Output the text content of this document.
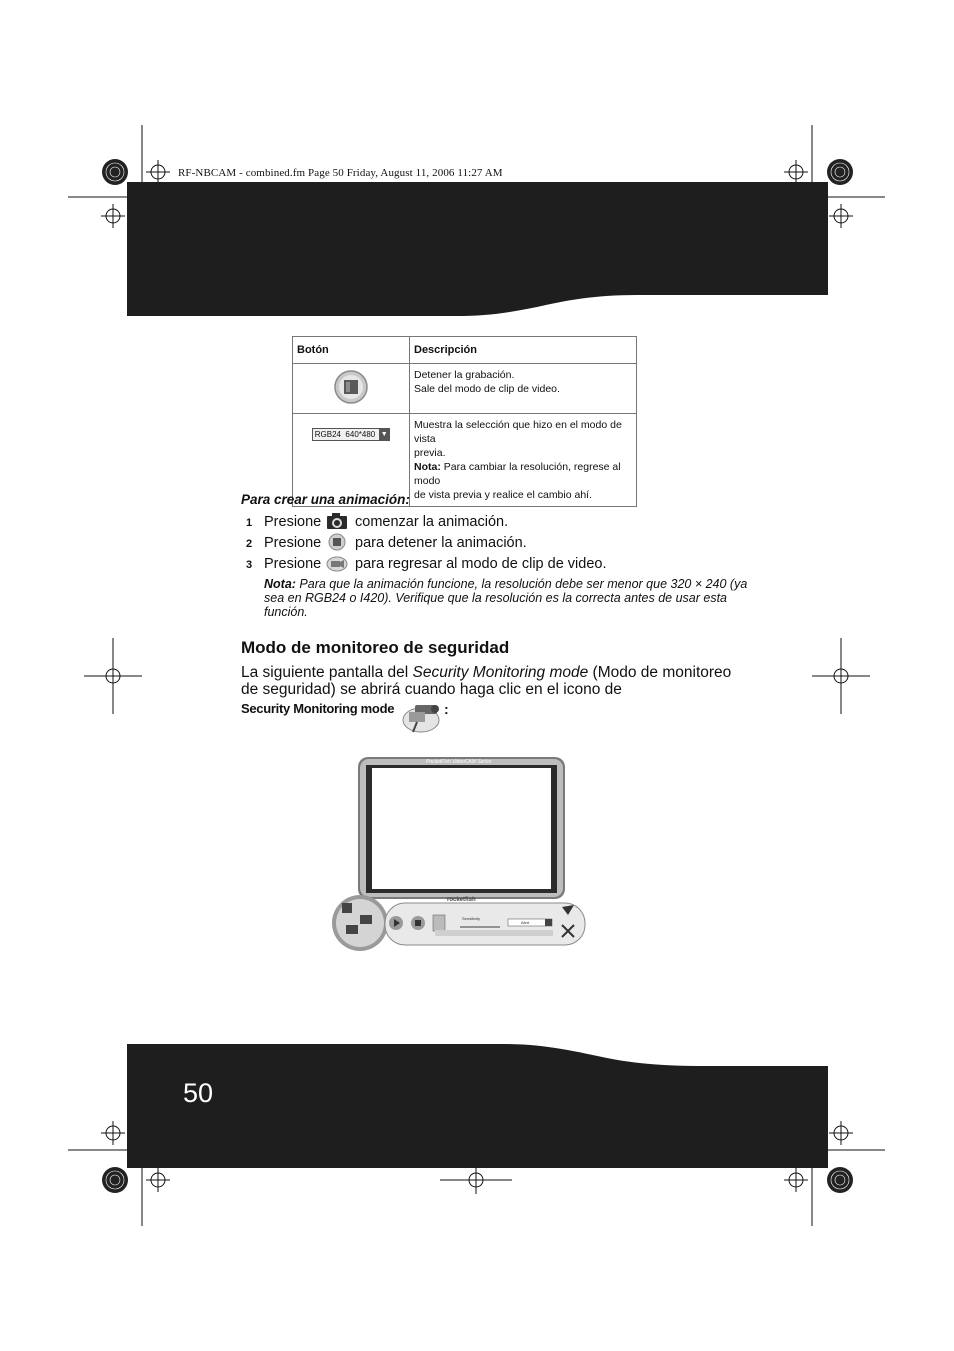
RF-NBCAM - combined.fm Page 50 Friday, August 11, 2006 11:27 AM
Botón	Descripción

Detener la grabación.
Sale del modo de clip de video.

RGB24  640*480 ▼	Muestra la selección que hizo en el modo de vista
previa.
Nota: Para cambiar la resolución, regrese al modo
de vista previa y realice el cambio ahí.
Para crear una animación:
1 Presione comenzar la animación.
2 Presione para detener la animación.
3 Presione para regresar al modo de clip de video.
Nota: Para que la animación funcione, la resolución debe ser menor que 320 × 240 (ya sea en RGB24 o I420). Verifique que la resolución es la correcta antes de usar esta función.
Modo de monitoreo de seguridad
La siguiente pantalla del Security Monitoring mode (Modo de monitoreo de seguridad) se abrirá cuando haga clic en el icono de
Security Monitoring mode	:
PocketFish VideoCAM Series
rocketfish
Sensitivity
Alert
50
